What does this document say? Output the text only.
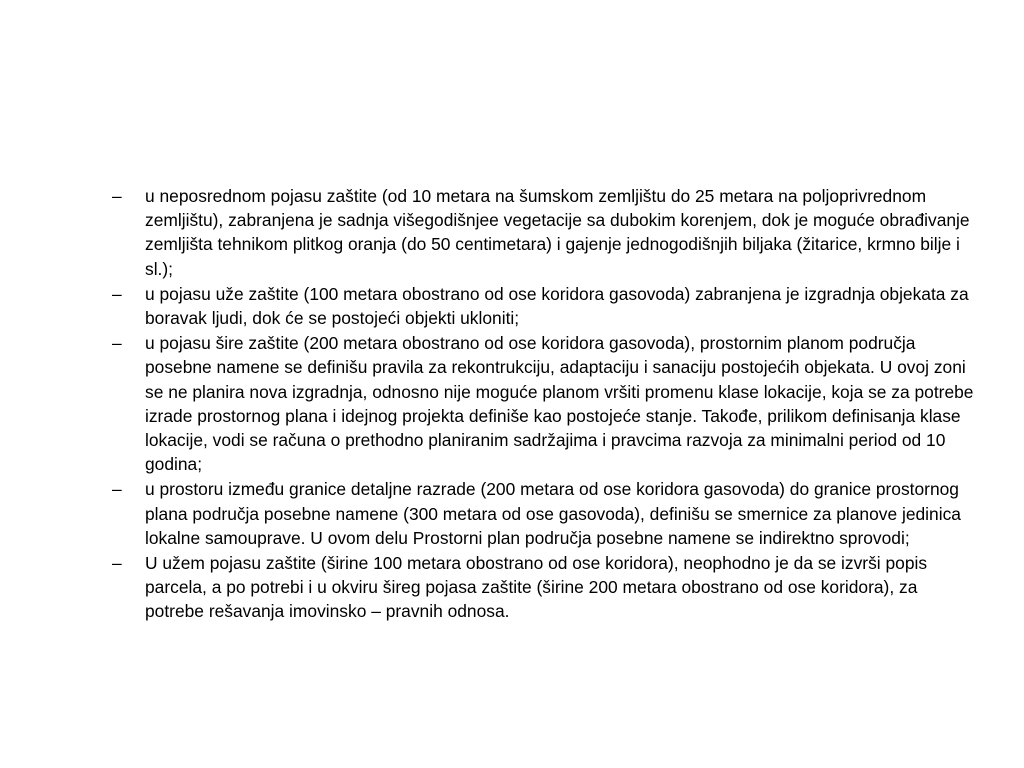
– u neposrednom pojasu zaštite (od 10 metara na šumskom zemljištu do 25 metara na poljoprivrednom zemljištu), zabranjena je sadnja višegodišnjee vegetacije sa dubokim korenjem, dok je moguće obrađivanje zemljišta tehnikom plitkog oranja (do 50 centimetara) i gajenje jednogodišnjih biljaka (žitarice, krmno bilje i sl.);
– u pojasu uže zaštite (100 metara obostrano od ose koridora gasovoda) zabranjena je izgradnja objekata za boravak ljudi, dok će se postojeći objekti ukloniti;
– u pojasu šire zaštite (200 metara obostrano od ose koridora gasovoda), prostornim planom područja posebne namene se definišu pravila za rekontrukciju, adaptaciju i sanaciju postojećih objekata. U ovoj zoni se ne planira nova izgradnja, odnosno nije moguće planom vršiti promenu klase lokacije, koja se za potrebe izrade prostornog plana i idejnog projekta definiše kao postojeće stanje. Takođe, prilikom definisanja klase lokacije, vodi se računa o prethodno planiranim sadržajima i pravcima razvoja za minimalni period od 10 godina;
– u prostoru između granice detaljne razrade (200 metara od ose koridora gasovoda) do granice prostornog plana područja posebne namene (300 metara od ose gasovoda), definišu se smernice za planove jedinica lokalne samouprave. U ovom delu Prostorni plan područja posebne namene se indirektno sprovodi;
– U užem pojasu zaštite (širine 100 metara obostrano od ose koridora), neophodno je da se izvrši popis parcela, a po potrebi i u okviru šireg pojasa zaštite (širine 200 metara obostrano od ose koridora), za potrebe rešavanja imovinsko – pravnih odnosa.
